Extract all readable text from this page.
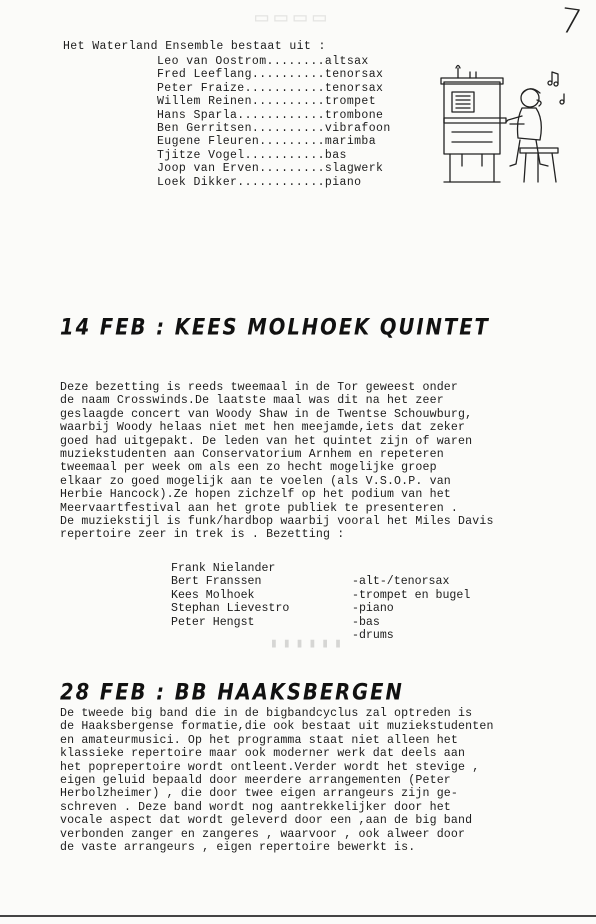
7
▭▭▭▭
Het Waterland Ensemble bestaat uit :
Leo van Oostrom........altsax
Fred Leeflang..........tenorsax
Peter Fraize...........tenorsax
Willem Reinen..........trompet
Hans Sparla............trombone
Ben Gerritsen..........vibrafoon
Eugene Fleuren.........marimba
Tjitze Vogel...........bas
Joop van Erven.........slagwerk
Loek Dikker............piano
14 FEB : KEES MOLHOEK QUINTET
Deze bezetting is reeds tweemaal in de Tor geweest onder
de naam Crosswinds.De laatste maal was dit na het zeer
geslaagde concert van Woody Shaw in de Twentse Schouwburg,
waarbij Woody helaas niet met hen meejamde,iets dat zeker
goed had uitgepakt. De leden van het quintet zijn of waren
muziekstudenten aan Conservatorium Arnhem en repeteren
tweemaal per week om als een zo hecht mogelijke groep
elkaar zo goed mogelijk aan te voelen (als V.S.O.P. van
Herbie Hancock).Ze hopen zichzelf op het podium van het
Meervaartfestival aan het grote publiek te presenteren .
De muziekstijl is funk/hardbop waarbij vooral het Miles Davis
repertoire zeer in trek is . Bezetting :

Frank Nielander

-alt-/tenorsax

Bert Franssen

-trompet en bugel

Kees Molhoek

-piano

Stephan Lievestro

-bas

Peter Hengst

-drums

▮▮▮▮▮▮
28 FEB : BB HAAKSBERGEN
De tweede big band die in de bigbandcyclus zal optreden is
de Haaksbergense formatie,die ook bestaat uit muziekstudenten
en amateurmusici. Op het programma staat niet alleen het
klassieke repertoire maar ook moderner werk dat deels aan
het poprepertoire wordt ontleent.Verder wordt het stevige ,
eigen geluid bepaald door meerdere arrangementen (Peter
Herbolzheimer) , die door twee eigen arrangeurs zijn ge-
schreven . Deze band wordt nog aantrekkelijker door het
vocale aspect dat wordt geleverd door een ,aan de big band
verbonden zanger en zangeres , waarvoor , ook alweer door
de vaste arrangeurs , eigen repertoire bewerkt is.
